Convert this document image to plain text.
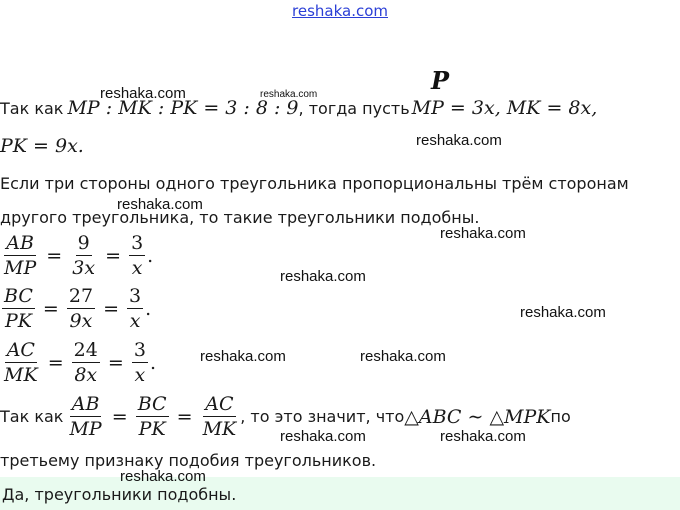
reshaka.com
P
Так как MP : MK : PK = 3 : 8 : 9 , тогда пусть MP = 3x, MK = 8x,
PK = 9x.
Если три стороны одного треугольника пропорциональны трём сторонам
другого треугольника, то такие треугольники подобны.
$\frac{AB}{MP} = \frac{9}{3x} = \frac{3}{x}$ .
$\frac{BC}{PK} = \frac{27}{9x} = \frac{3}{x}$ .
$\frac{AC}{MK} = \frac{24}{8x} = \frac{3}{x}$ .
Так как $\frac{AB}{MP} = \frac{BC}{PK} = \frac{AC}{MK}$ , то это значит, что △ABC ∼ △MPK по
третьему признаку подобия треугольников.
Да, треугольники подобны.
reshaka.com	reshaka.com
reshaka.com
reshaka.com
reshaka.com
reshaka.com
reshaka.com
reshaka.com	reshaka.com
reshaka.com	reshaka.com
reshaka.com
